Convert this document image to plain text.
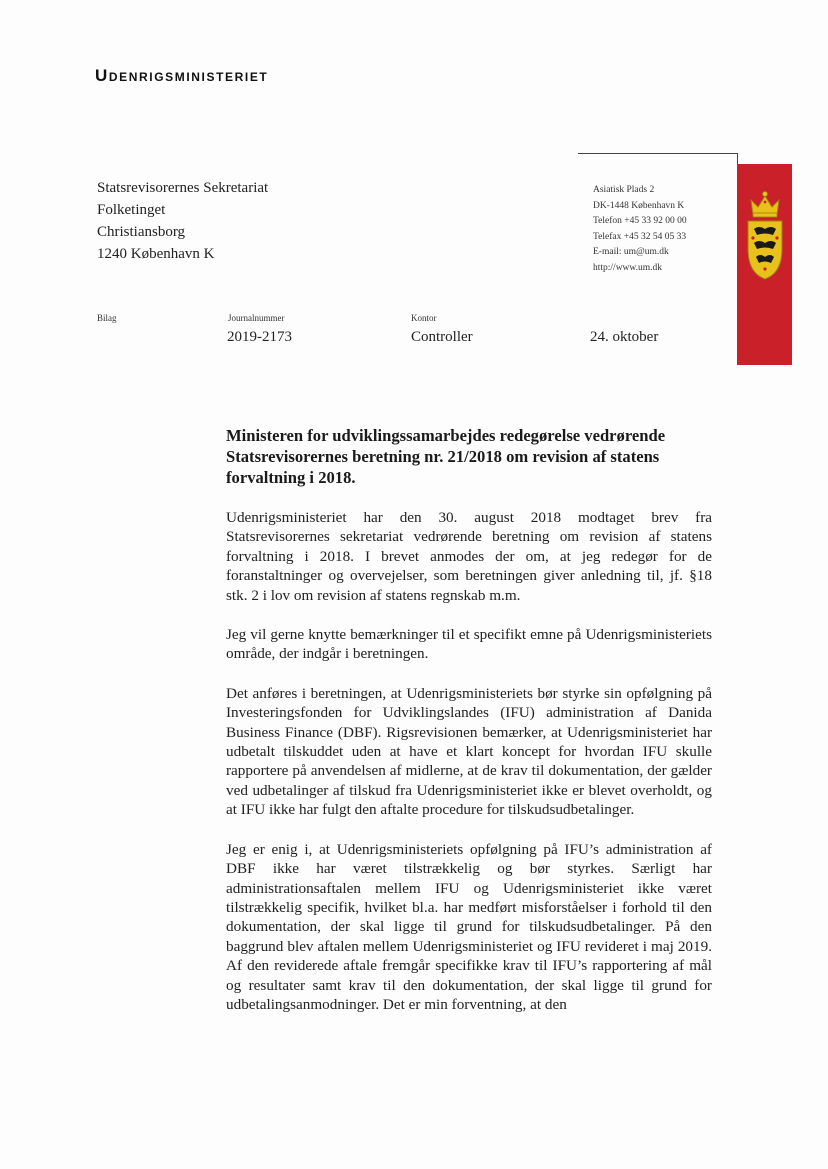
Udenrigsministeriet
Statsrevisorernes Sekretariat
Folketinget
Christiansborg
1240 København K
Asiatisk Plads 2
DK-1448 København K
Telefon +45 33 92 00 00
Telefax +45 32 54 05 33
E-mail: um@um.dk
http://www.um.dk
Bilag	Journalnummer
2019-2173
Kontor
Controller	24. oktober
Ministeren for udviklingssamarbejdes redegørelse vedrørende Statsrevisorernes beretning nr. 21/2018 om revision af statens forvaltning i 2018.

Udenrigsministeriet har den 30. august 2018 modtaget brev fra Statsrevisorernes sekretariat vedrørende beretning om revision af statens forvaltning i 2018. I brevet anmodes der om, at jeg redegør for de foranstaltninger og overvejelser, som beretningen giver anledning til, jf. §18 stk. 2 i lov om revision af statens regnskab m.m.

Jeg vil gerne knytte bemærkninger til et specifikt emne på Udenrigsministeriets område, der indgår i beretningen.

Det anføres i beretningen, at Udenrigsministeriets bør styrke sin opfølgning på Investeringsfonden for Udviklingslandes (IFU) administration af Danida Business Finance (DBF). Rigsrevisionen bemærker, at Udenrigsministeriet har udbetalt tilskuddet uden at have et klart koncept for hvordan IFU skulle rapportere på anvendelsen af midlerne, at de krav til dokumentation, der gælder ved udbetalinger af tilskud fra Udenrigsministeriet ikke er blevet overholdt, og at IFU ikke har fulgt den aftalte procedure for tilskudsudbetalinger.

Jeg er enig i, at Udenrigsministeriets opfølgning på IFU’s administration af DBF ikke har været tilstrækkelig og bør styrkes. Særligt har administrationsaftalen mellem IFU og Udenrigsministeriet ikke været tilstrækkelig specifik, hvilket bl.a. har medført misforståelser i forhold til den dokumentation, der skal ligge til grund for tilskudsudbetalinger. På den baggrund blev aftalen mellem Udenrigsministeriet og IFU revideret i maj 2019. Af den reviderede aftale fremgår specifikke krav til IFU’s rapportering af mål og resultater samt krav til den dokumentation, der skal ligge til grund for udbetalingsanmodninger. Det er min forventning, at den
